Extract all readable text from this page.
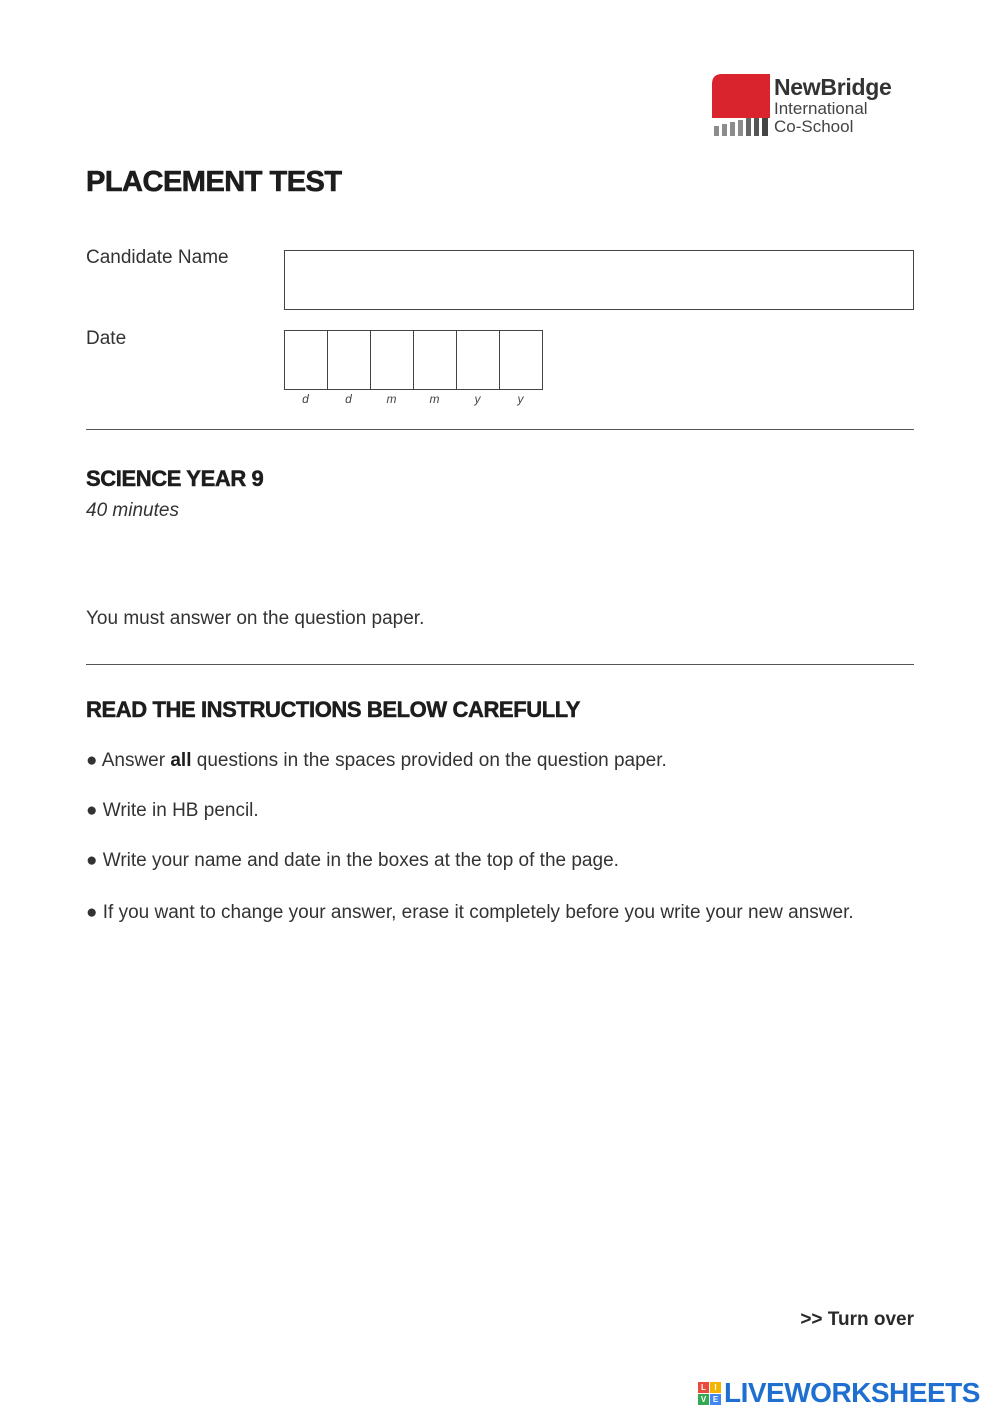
NewBridge
International
Co-School
PLACEMENT TEST
Candidate Name
Date
d	d	m	m	y	y
SCIENCE YEAR 9
40 minutes
You must answer on the question paper.
READ THE INSTRUCTIONS BELOW CAREFULLY
● Answer all questions in the spaces provided on the question paper.
● Write in HB pencil.
● Write your name and date in the boxes at the top of the page.
● If you want to change your answer, erase it completely before you write your new answer.
>> Turn over
L	I
V E LIVEWORKSHEETS
